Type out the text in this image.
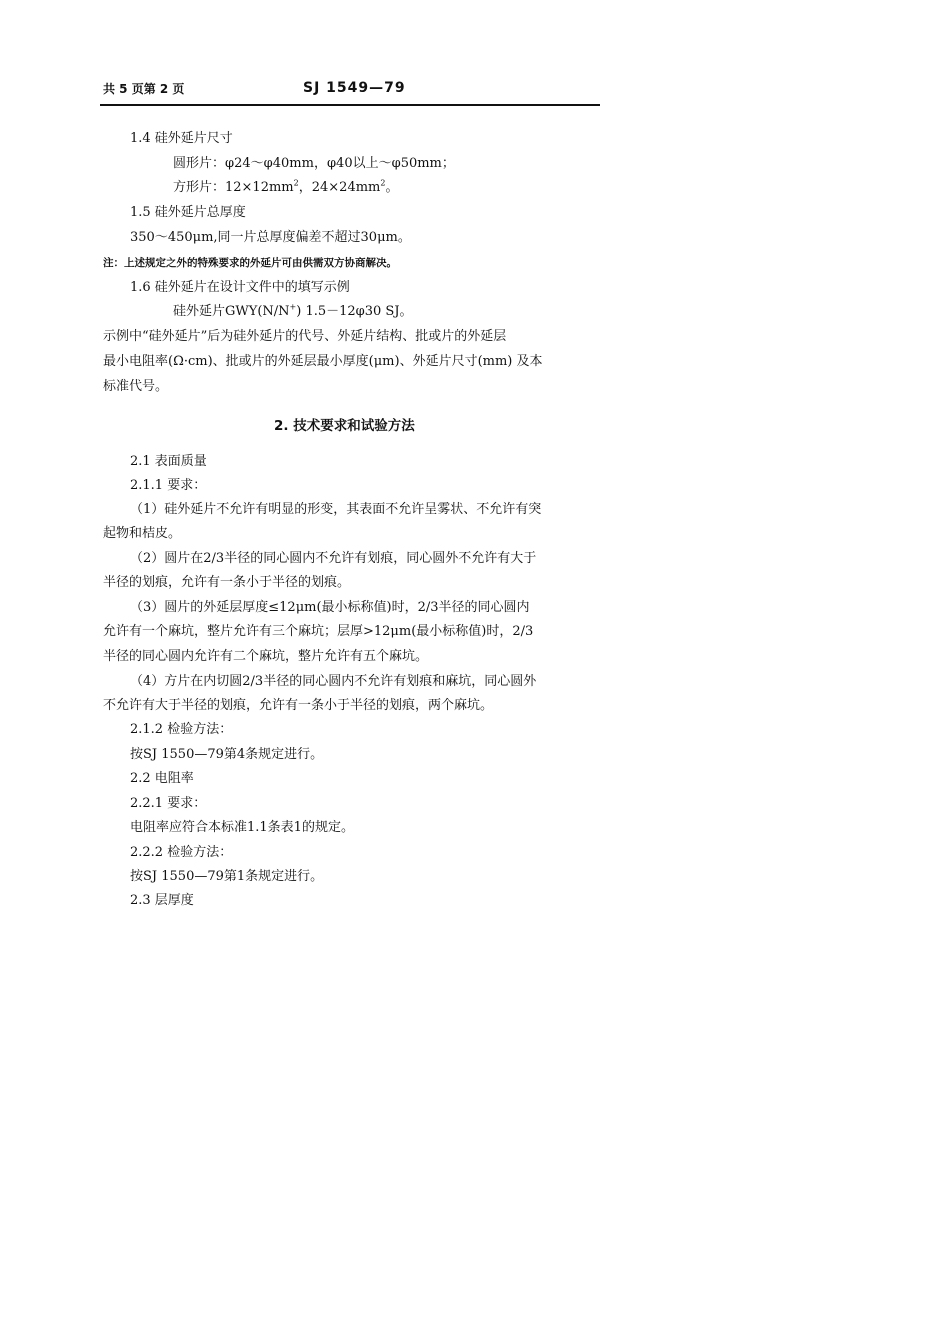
共 5 页第 2 页	SJ 1549—79
1.4 硅外延片尺寸
圆形片：φ24～φ40mm，φ40以上～φ50mm；
方形片：$12\times 12mm^2$，$24\times 24mm^2$。
1.5 硅外延片总厚度
350～450μm,同一片总厚度偏差不超过30μm。
注：上述规定之外的特殊要求的外延片可由供需双方协商解决。
1.6 硅外延片在设计文件中的填写示例
硅外延片GWY(N/N+) 1.5－12φ30 SJ。
示例中“硅外延片”后为硅外延片的代号、外延片结构、批或片的外延层
最小电阻率(Ω·cm)、批或片的外延层最小厚度(μm)、外延片尺寸(mm) 及本
标准代号。
2. 技术要求和试验方法
2.1 表面质量
2.1.1 要求：
（1）硅外延片不允许有明显的形变，其表面不允许呈雾状、不允许有突
起物和桔皮。
（2）圆片在2/3半径的同心圆内不允许有划痕，同心圆外不允许有大于
半径的划痕，允许有一条小于半径的划痕。
（3）圆片的外延层厚度≤12μm(最小标称值)时，2/3半径的同心圆内
允许有一个麻坑，整片允许有三个麻坑；层厚>12μm(最小标称值)时，2/3
半径的同心圆内允许有二个麻坑，整片允许有五个麻坑。
（4）方片在内切圆2/3半径的同心圆内不允许有划痕和麻坑，同心圆外
不允许有大于半径的划痕，允许有一条小于半径的划痕，两个麻坑。
2.1.2 检验方法：
按SJ 1550—79第4条规定进行。
2.2 电阻率
2.2.1 要求：
电阻率应符合本标准1.1条表1的规定。
2.2.2 检验方法：
按SJ 1550—79第1条规定进行。
2.3 层厚度
